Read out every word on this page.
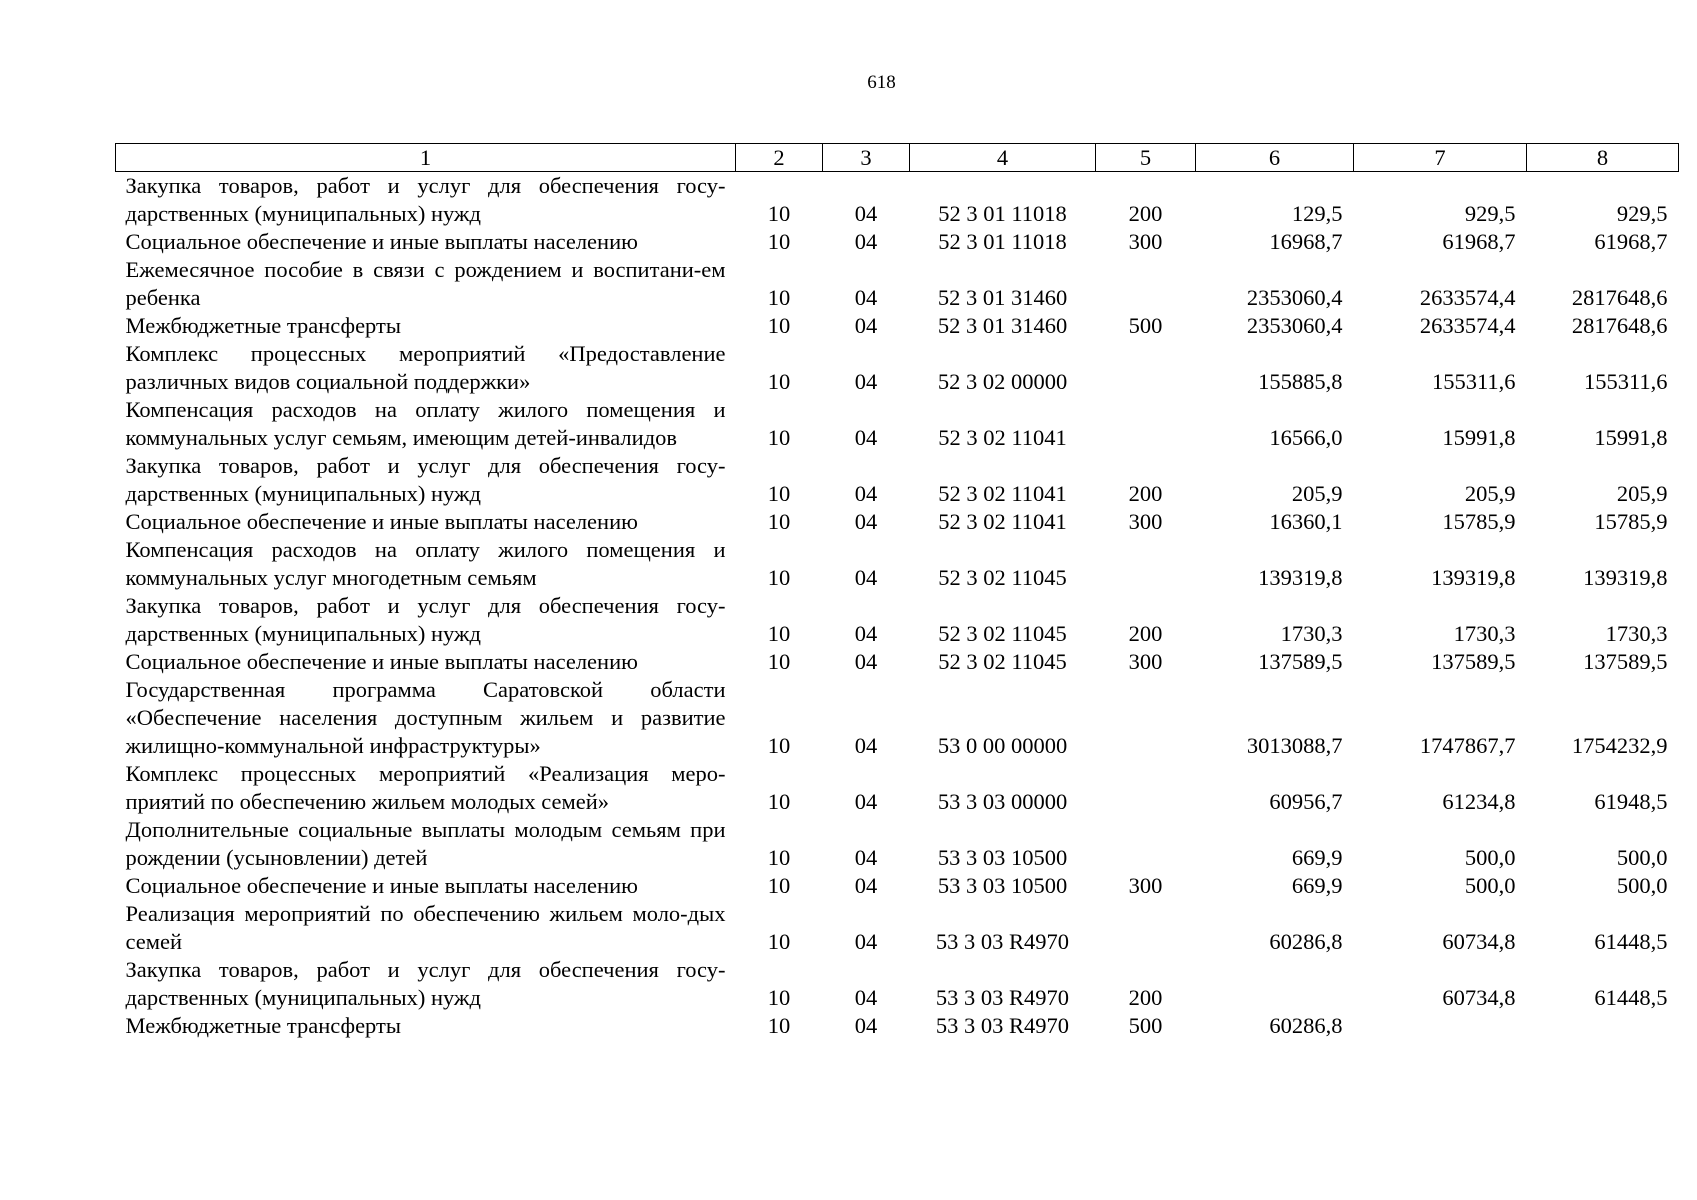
618
1	2	3	4	5	6	7	8
Закупка товаров, работ и услуг для обеспечения госу-дарственных (муниципальных) нужд	10	04	52 3 01 11018	200	129,5	929,5	929,5
Социальное обеспечение и иные выплаты населению	10	04	52 3 01 11018	300	16968,7	61968,7	61968,7
Ежемесячное пособие в связи с рождением и воспитани-ем ребенка	10	04	52 3 01 31460		2353060,4	2633574,4	2817648,6
Межбюджетные трансферты	10	04	52 3 01 31460	500	2353060,4	2633574,4	2817648,6
Комплекс процессных мероприятий «Предоставление различных видов социальной поддержки»	10	04	52 3 02 00000		155885,8	155311,6	155311,6
Компенсация расходов на оплату жилого помещения и коммунальных услуг семьям, имеющим детей-инвалидов	10	04	52 3 02 11041		16566,0	15991,8	15991,8
Закупка товаров, работ и услуг для обеспечения госу-дарственных (муниципальных) нужд	10	04	52 3 02 11041	200	205,9	205,9	205,9
Социальное обеспечение и иные выплаты населению	10	04	52 3 02 11041	300	16360,1	15785,9	15785,9
Компенсация расходов на оплату жилого помещения и коммунальных услуг многодетным семьям	10	04	52 3 02 11045		139319,8	139319,8	139319,8
Закупка товаров, работ и услуг для обеспечения госу-дарственных (муниципальных) нужд	10	04	52 3 02 11045	200	1730,3	1730,3	1730,3
Социальное обеспечение и иные выплаты населению	10	04	52 3 02 11045	300	137589,5	137589,5	137589,5
Государственная программа Саратовской области «Обеспечение населения доступным жильем и развитие жилищно-коммунальной инфраструктуры»	10	04	53 0 00 00000		3013088,7	1747867,7	1754232,9
Комплекс процессных мероприятий «Реализация меро-приятий по обеспечению жильем молодых семей»	10	04	53 3 03 00000		60956,7	61234,8	61948,5
Дополнительные социальные выплаты молодым семьям при рождении (усыновлении) детей	10	04	53 3 03 10500		669,9	500,0	500,0
Социальное обеспечение и иные выплаты населению	10	04	53 3 03 10500	300	669,9	500,0	500,0
Реализация мероприятий по обеспечению жильем моло-дых семей	10	04	53 3 03 R4970		60286,8	60734,8	61448,5
Закупка товаров, работ и услуг для обеспечения госу-дарственных (муниципальных) нужд	10	04	53 3 03 R4970	200		60734,8	61448,5
Межбюджетные трансферты	10	04	53 3 03 R4970	500	60286,8		
